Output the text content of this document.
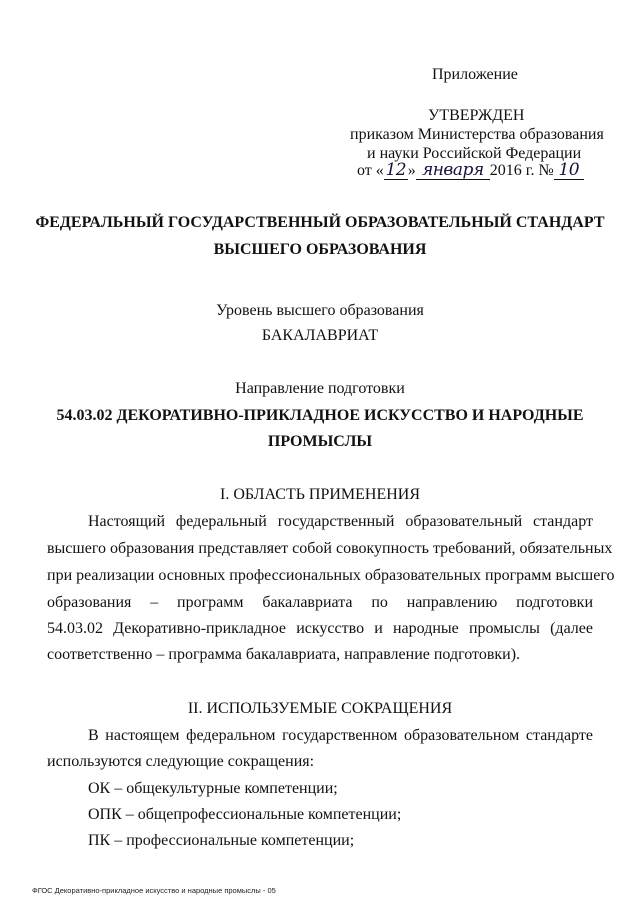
Приложение
УТВЕРЖДЕН
приказом Министерства образования
и науки Российской Федерации
от «12 » января 2016 г. № 10
ФЕДЕРАЛЬНЫЙ ГОСУДАРСТВЕННЫЙ ОБРАЗОВАТЕЛЬНЫЙ СТАНДАРТ
ВЫСШЕГО ОБРАЗОВАНИЯ
Уровень высшего образования
БАКАЛАВРИАТ
Направление подготовки
54.03.02 ДЕКОРАТИВНО-ПРИКЛАДНОЕ ИСКУССТВО И НАРОДНЫЕ
ПРОМЫСЛЫ
I. ОБЛАСТЬ ПРИМЕНЕНИЯ
Настоящий федеральный государственный образовательный стандарт
высшего образования представляет собой совокупность требований, обязательных
при реализации основных профессиональных образовательных программ высшего
образования – программ бакалавриата по направлению подготовки
54.03.02 Декоративно-прикладное искусство и народные промыслы (далее
соответственно – программа бакалавриата, направление подготовки).
II. ИСПОЛЬЗУЕМЫЕ СОКРАЩЕНИЯ
В настоящем федеральном государственном образовательном стандарте
используются следующие сокращения:
ОК – общекультурные компетенции;
ОПК – общепрофессиональные компетенции;
ПК – профессиональные компетенции;
ФГОС Декоративно-прикладное искусство и народные промыслы - 05
